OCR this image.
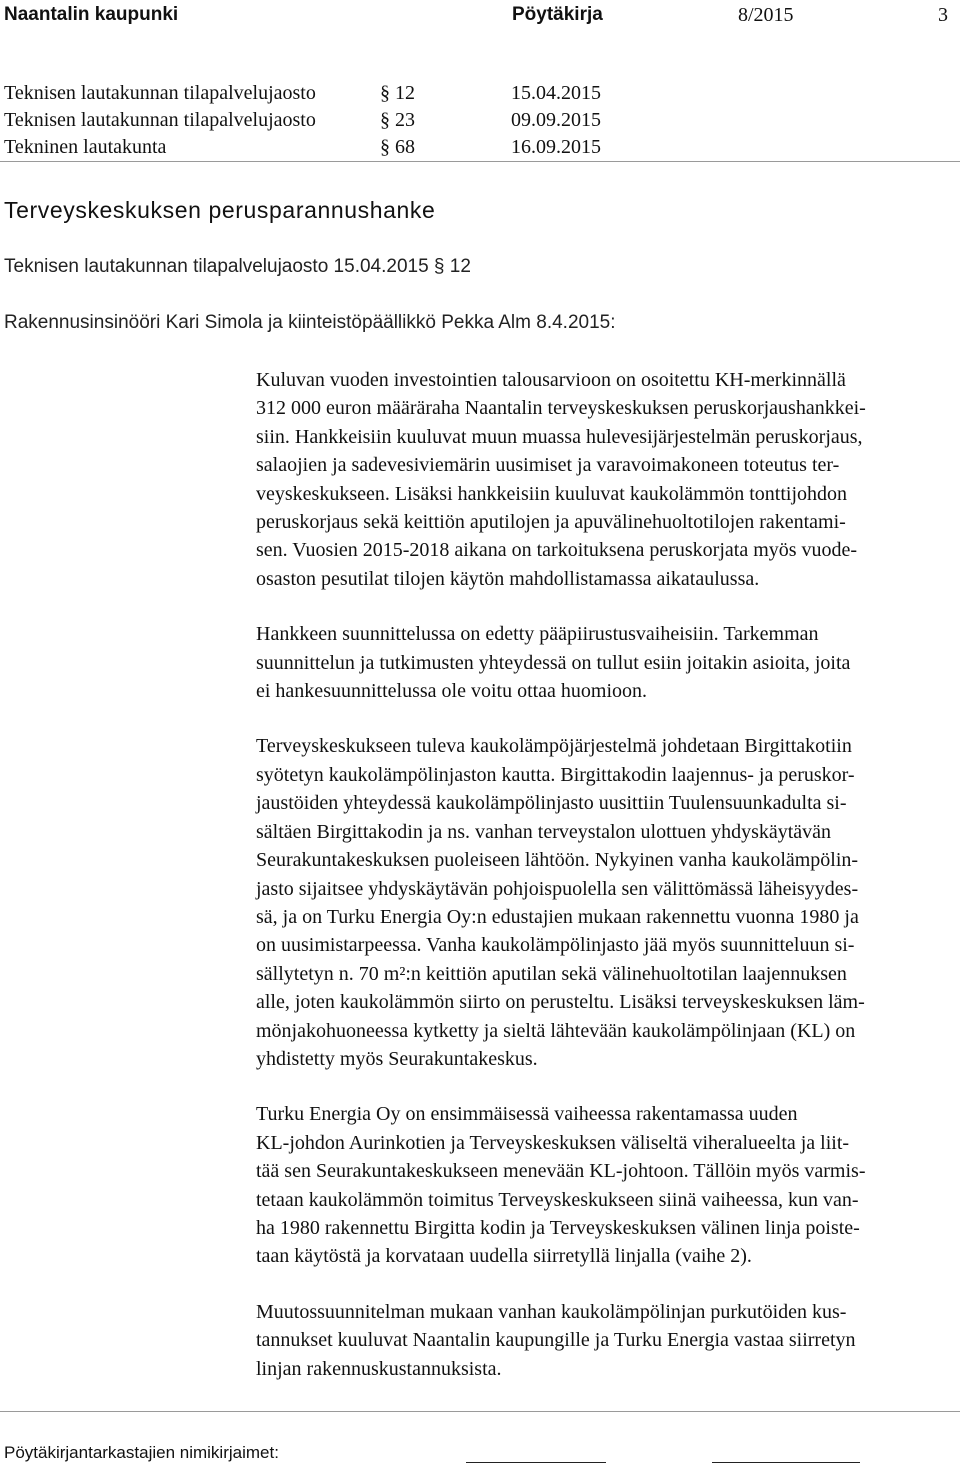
Naantalin kaupunki	Pöytäkirja	8/2015	3
Teknisen lautakunnan tilapalvelujaosto	§ 12	15.04.2015
Teknisen lautakunnan tilapalvelujaosto	§ 23	09.09.2015
Tekninen lautakunta	§ 68	16.09.2015
Terveyskeskuksen perusparannushanke
Teknisen lautakunnan tilapalvelujaosto 15.04.2015 § 12
Rakennusinsinööri Kari Simola ja kiinteistöpäällikkö Pekka Alm 8.4.2015:

Kuluvan vuoden investointien talousarvioon on osoitettu KH-merkinnällä
312 000 euron määräraha Naantalin terveyskeskuksen peruskorjaushankkei-
siin. Hankkeisiin kuuluvat muun muassa hulevesijärjestelmän peruskorjaus,
salaojien ja sadevesiviemärin uusimiset ja varavoimakoneen toteutus ter-
veyskeskukseen. Lisäksi hankkeisiin kuuluvat kaukolämmön tonttijohdon
peruskorjaus sekä keittiön aputilojen ja apuvälinehuoltotilojen rakentami-
sen. Vuosien 2015-2018 aikana on tarkoituksena peruskorjata myös vuode-
osaston pesutilat tilojen käytön mahdollistamassa aikataulussa.

Hankkeen suunnittelussa on edetty pääpiirustusvaiheisiin. Tarkemman
suunnittelun ja tutkimusten yhteydessä on tullut esiin joitakin asioita, joita
ei hankesuunnittelussa ole voitu ottaa huomioon.

Terveyskeskukseen tuleva kaukolämpöjärjestelmä johdetaan Birgittakotiin
syötetyn kaukolämpölinjaston kautta. Birgittakodin laajennus- ja peruskor-
jaustöiden yhteydessä kaukolämpölinjasto uusittiin Tuulensuunkadulta si-
sältäen Birgittakodin ja ns. vanhan terveystalon ulottuen yhdyskäytävän
Seurakuntakeskuksen puoleiseen lähtöön. Nykyinen vanha kaukolämpölin-
jasto sijaitsee yhdyskäytävän pohjoispuolella sen välittömässä läheisyydes-
sä, ja on Turku Energia Oy:n edustajien mukaan rakennettu vuonna 1980 ja
on uusimistarpeessa. Vanha kaukolämpölinjasto jää myös suunnitteluun si-
sällytetyn n. 70 m²:n keittiön aputilan sekä välinehuoltotilan laajennuksen
alle, joten kaukolämmön siirto on perusteltu. Lisäksi terveyskeskuksen läm-
mönjakohuoneessa kytketty ja sieltä lähtevään kaukolämpölinjaan (KL) on
yhdistetty myös Seurakuntakeskus.

Turku Energia Oy on ensimmäisessä vaiheessa rakentamassa uuden
KL-johdon Aurinkotien ja Terveyskeskuksen väliseltä viheralueelta ja liit-
tää sen Seurakuntakeskukseen menevään KL-johtoon. Tällöin myös varmis-
tetaan kaukolämmön toimitus Terveyskeskukseen siinä vaiheessa, kun van-
ha 1980 rakennettu Birgitta kodin ja Terveyskeskuksen välinen linja poiste-
taan käytöstä ja korvataan uudella siirretyllä linjalla (vaihe 2).

Muutossuunnitelman mukaan vanhan kaukolämpölinjan purkutöiden kus-
tannukset kuuluvat Naantalin kaupungille ja Turku Energia vastaa siirretyn
linjan rakennuskustannuksista.

Pöytäkirjantarkastajien nimikirjaimet:
